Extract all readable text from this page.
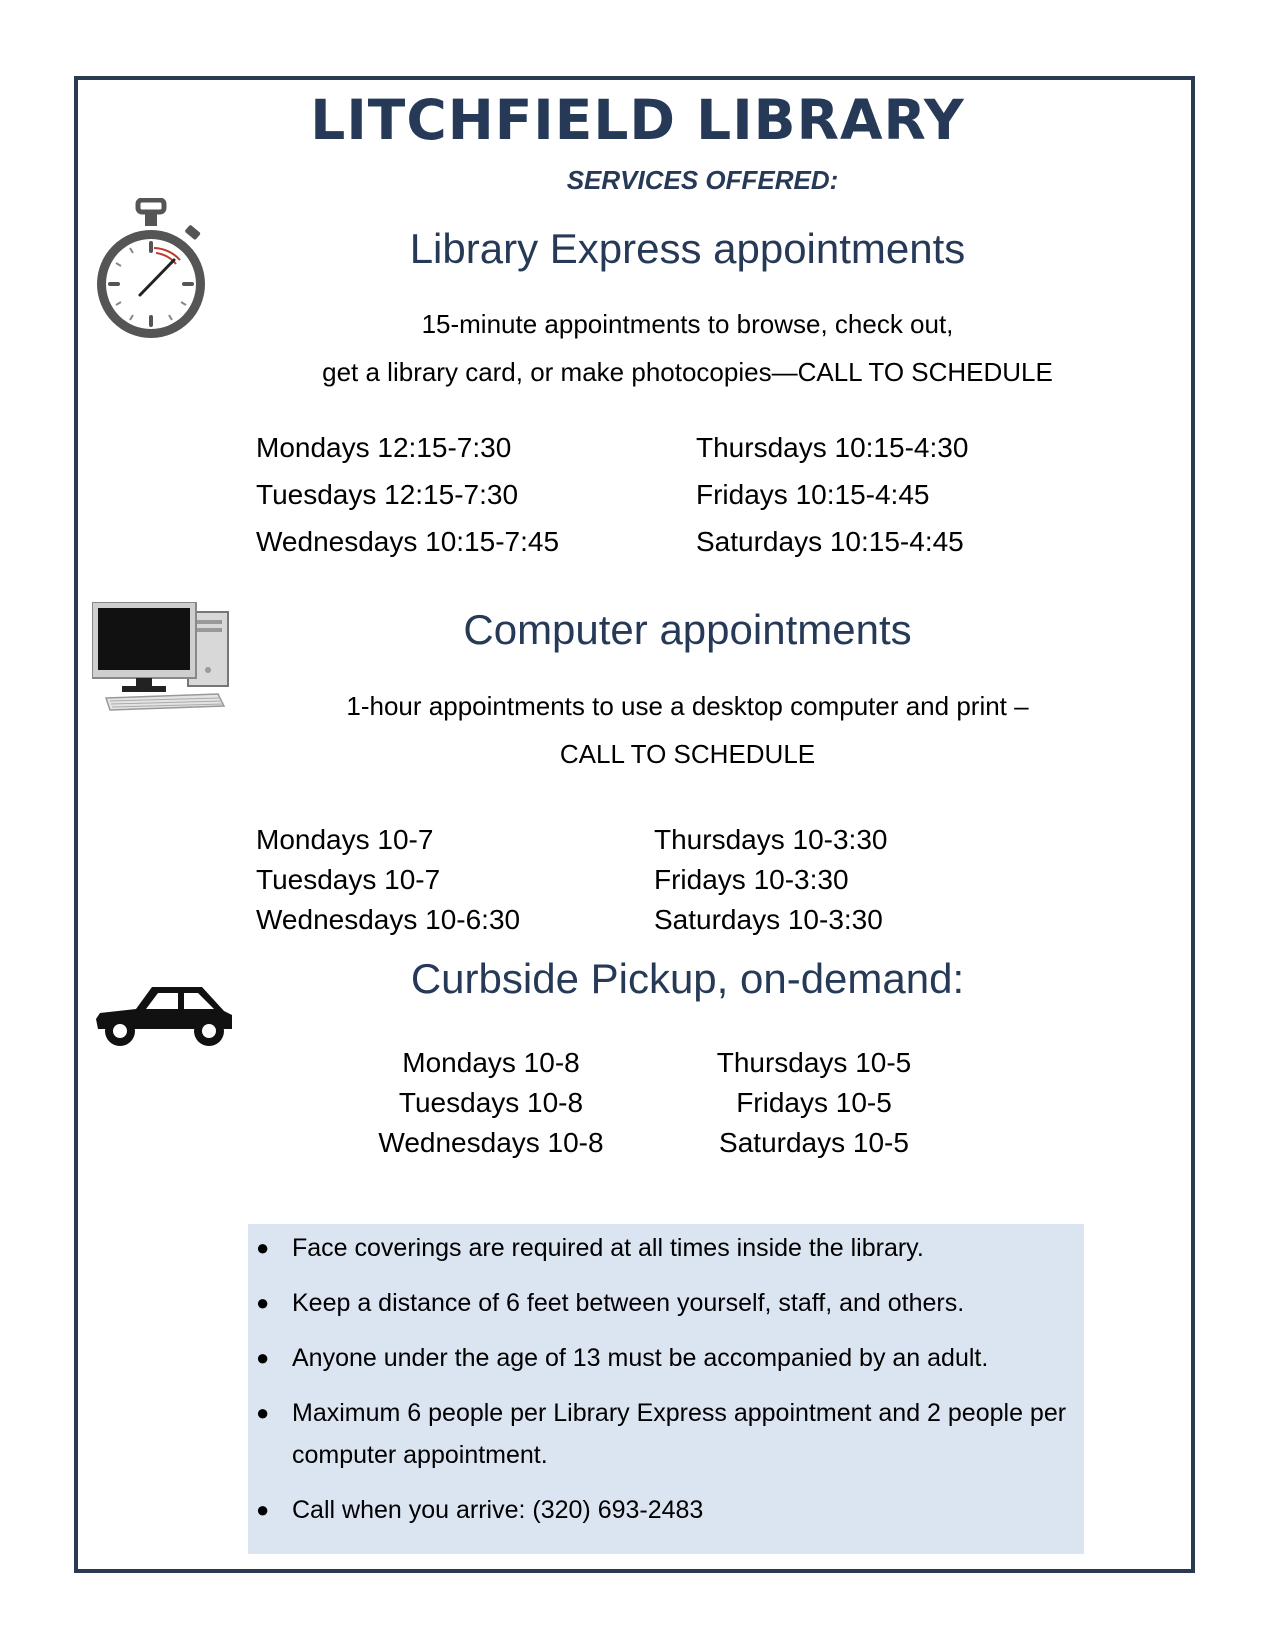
LITCHFIELD LIBRARY
SERVICES OFFERED:
Library Express appointments
15-minute appointments to browse, check out,
get a library card, or make photocopies—CALL TO SCHEDULE
Mondays 12:15-7:30
Tuesdays 12:15-7:30
Wednesdays 10:15-7:45
Thursdays 10:15-4:30
Fridays 10:15-4:45
Saturdays 10:15-4:45
Computer appointments
1-hour appointments to use a desktop computer and print –
CALL TO SCHEDULE
Mondays 10-7
Tuesdays 10-7
Wednesdays 10-6:30
Thursdays 10-3:30
Fridays 10-3:30
Saturdays 10-3:30
Curbside Pickup, on-demand:
Mondays 10-8
Tuesdays 10-8
Wednesdays 10-8
Thursdays 10-5
Fridays 10-5
Saturdays 10-5
● Face coverings are required at all times inside the library.
● Keep a distance of 6 feet between yourself, staff, and others.
● Anyone under the age of 13 must be accompanied by an adult.
● Maximum 6 people per Library Express appointment and 2 people per computer appointment.
● Call when you arrive: (320) 693-2483
